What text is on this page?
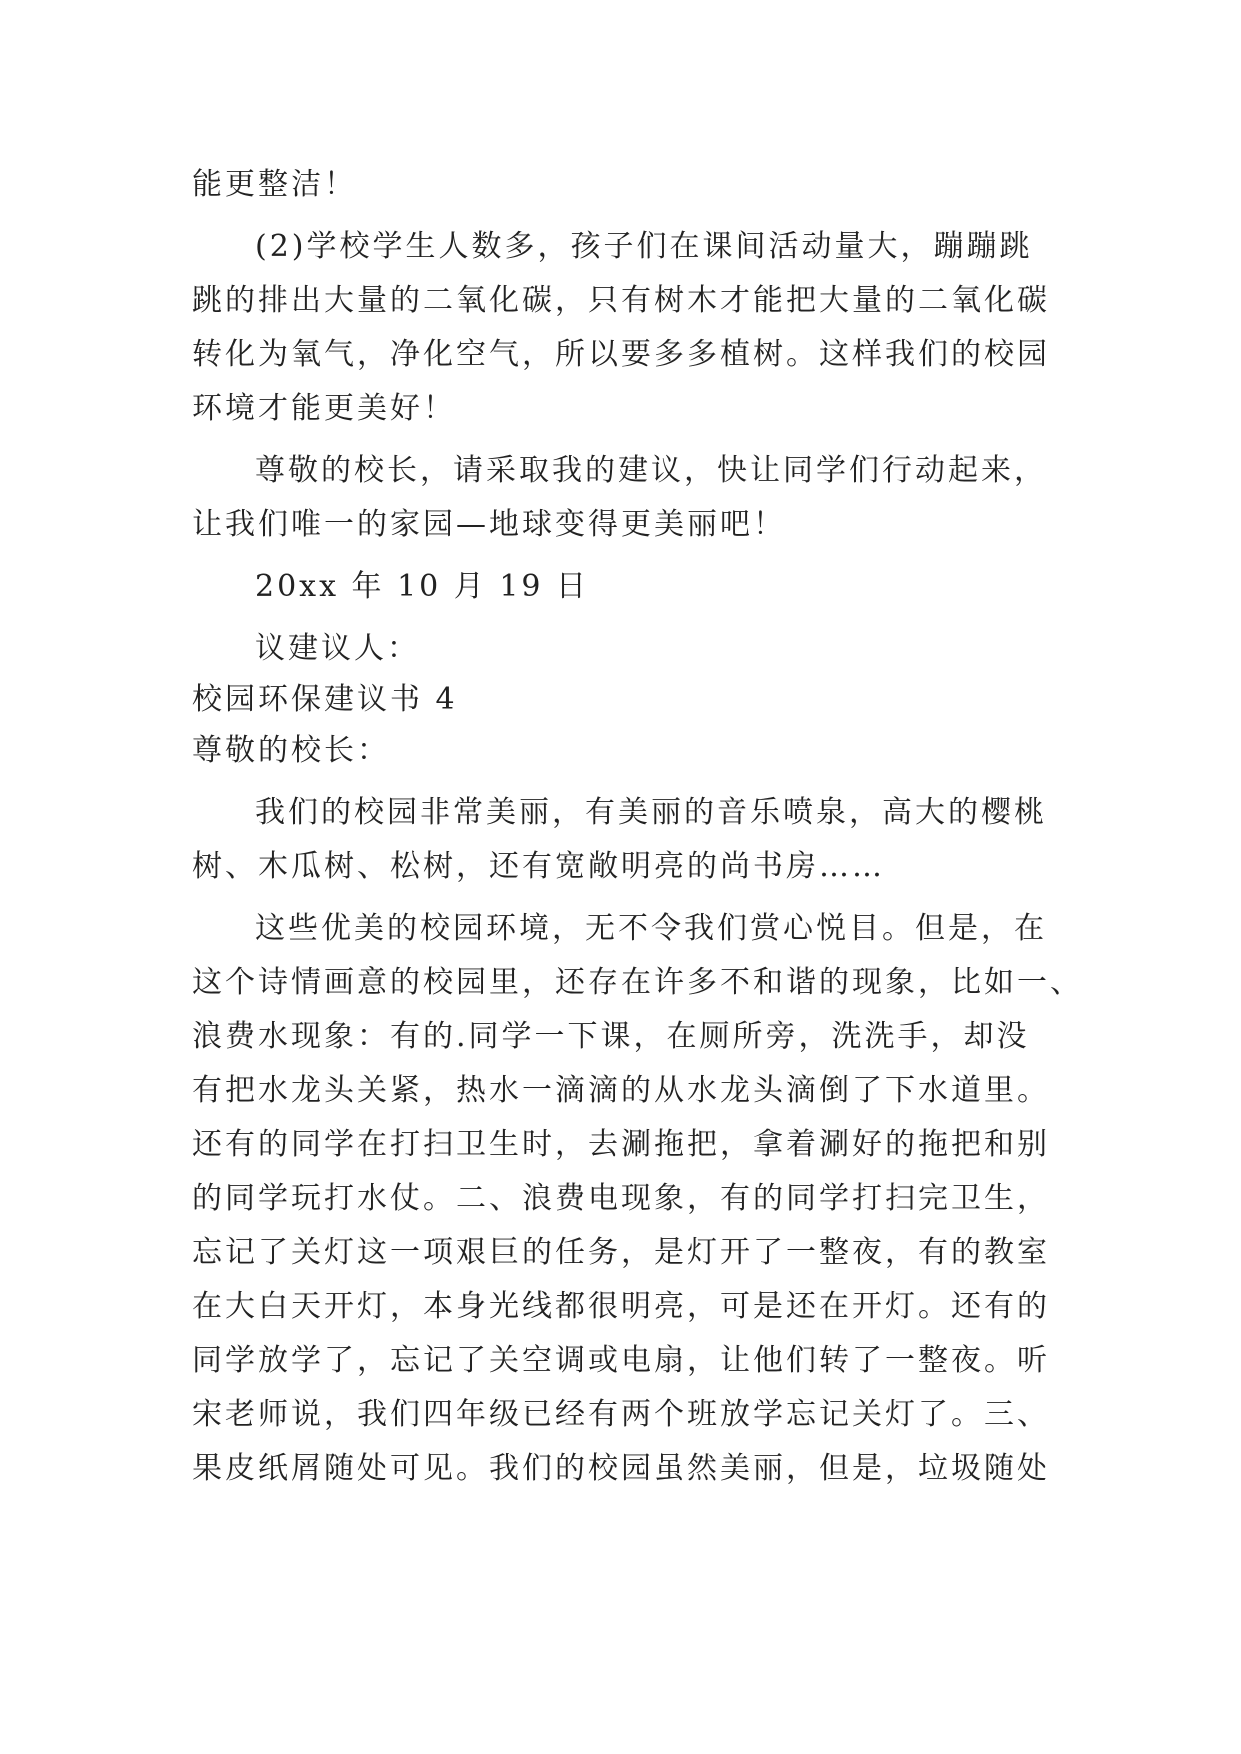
能更整洁！
(2)学校学生人数多，孩子们在课间活动量大，蹦蹦跳
跳的排出大量的二氧化碳，只有树木才能把大量的二氧化碳
转化为氧气，净化空气，所以要多多植树。这样我们的校园
环境才能更美好！
尊敬的校长，请采取我的建议，快让同学们行动起来，
让我们唯一的家园—地球变得更美丽吧！
20xx 年 10 月 19 日
议建议人：
校园环保建议书 4
尊敬的校长：
我们的校园非常美丽，有美丽的音乐喷泉，高大的樱桃
树、木瓜树、松树，还有宽敞明亮的尚书房……
这些优美的校园环境，无不令我们赏心悦目。但是，在
这个诗情画意的校园里，还存在许多不和谐的现象，比如一、
浪费水现象：有的.同学一下课，在厕所旁，洗洗手，却没
有把水龙头关紧，热水一滴滴的从水龙头滴倒了下水道里。
还有的同学在打扫卫生时，去涮拖把，拿着涮好的拖把和别
的同学玩打水仗。二、浪费电现象，有的同学打扫完卫生，
忘记了关灯这一项艰巨的任务，是灯开了一整夜，有的教室
在大白天开灯，本身光线都很明亮，可是还在开灯。还有的
同学放学了，忘记了关空调或电扇，让他们转了一整夜。听
宋老师说，我们四年级已经有两个班放学忘记关灯了。三、
果皮纸屑随处可见。我们的校园虽然美丽，但是，垃圾随处
